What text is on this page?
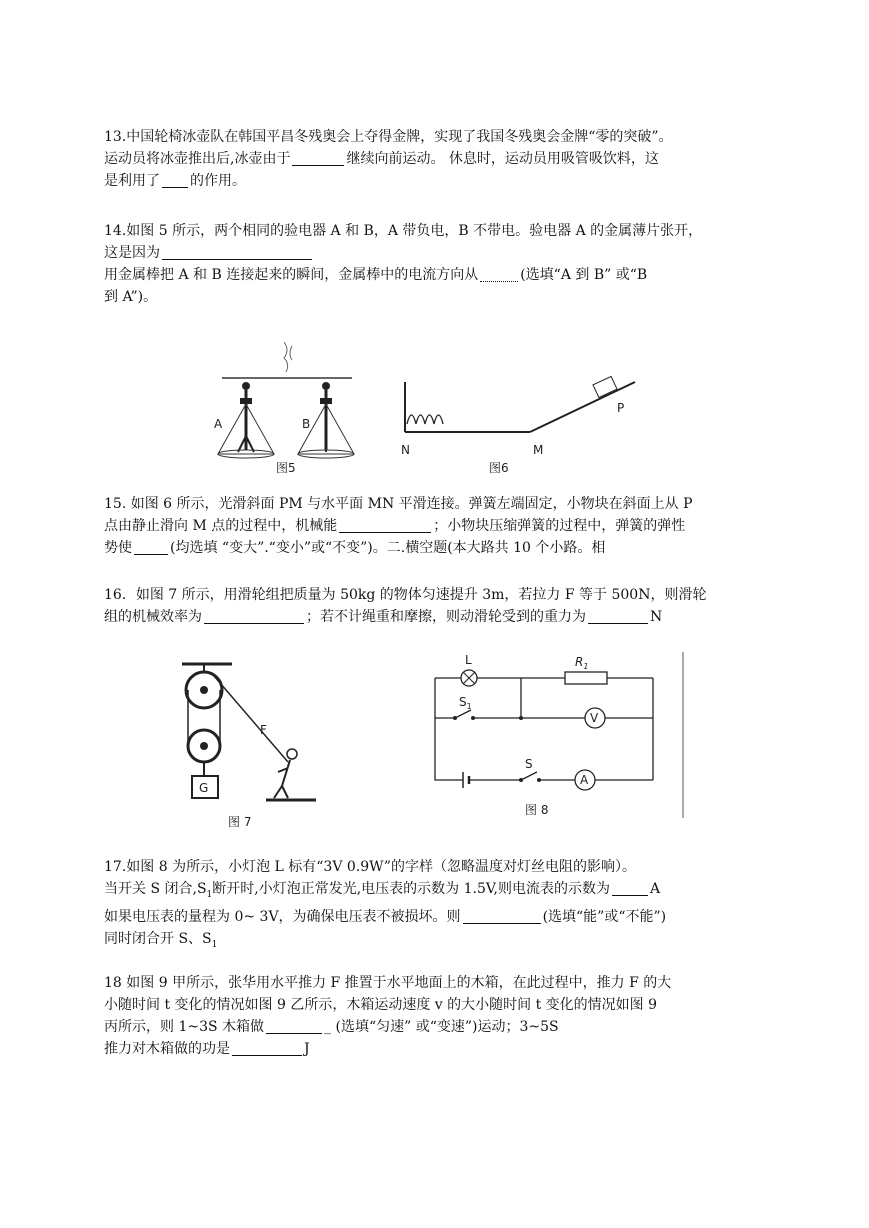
13.中国轮椅冰壶队在韩国平昌冬残奥会上夺得金牌，实现了我国冬残奥会金牌“零的突破”。
运动员将冰壶推出后,冰壶由于	继续向前运动。 休息时，运动员用吸管吸饮料，这
是利用了 的作用。
14.如图 5 所示，两个相同的验电器 A 和 B，A 带负电，B 不带电。验电器 A 的金属薄片张开，
这是因为
用金属棒把 A 和 B 连接起来的瞬间，金属棒中的电流方向从	(选填“A 到 B” 或“B
到 A”)。
A	B
图5
N	M
P
图6
15. 如图 6 所示，光滑斜面 PM 与水平面 MN 平滑连接。弹簧左端固定，小物块在斜面上从 P
点由静止滑向 M 点的过程中，机械能	；小物块压缩弹簧的过程中，弹簧的弹性
势使	(均选填 “变大”.“变小”或“不变”)。二.横空题(本大路共 10 个小路。相
16．如图 7 所示，用滑轮组把质量为 50kg 的物体匀速提升 3m，若拉力 F 等于 500N，则滑轮
组的机械效率为	；若不计绳重和摩擦，则动滑轮受到的重力为	N
F
G
图 7
L	$R_1$
$S_1$
S
V
A
图 8
17.如图 8 为所示，小灯泡 L 标有“3V 0.9W”的字样（忽略温度对灯丝电阻的影响）。
当开关 S 闭合$,S_1$断开时,小灯泡正常发光,电压表的示数为 1.5V,则电流表的示数为	A
如果电压表的量程为 0~ 3V，为确保电压表不被损坏。则	(选填“能”或“不能”)
同时闭合开 S、$S_1$
18 如图 9 甲所示，张华用水平推力 F 推置于水平地面上的木箱，在此过程中，推力 F 的大
小随时间 t 变化的情况如图 9 乙所示，木箱运动速度 v 的大小随时间 t 变化的情况如图 9
丙所示，则 1~3S 木箱做	_ (选填“匀速” 或“变速”)运动；3~5S
推力对木箱做的功是	J
